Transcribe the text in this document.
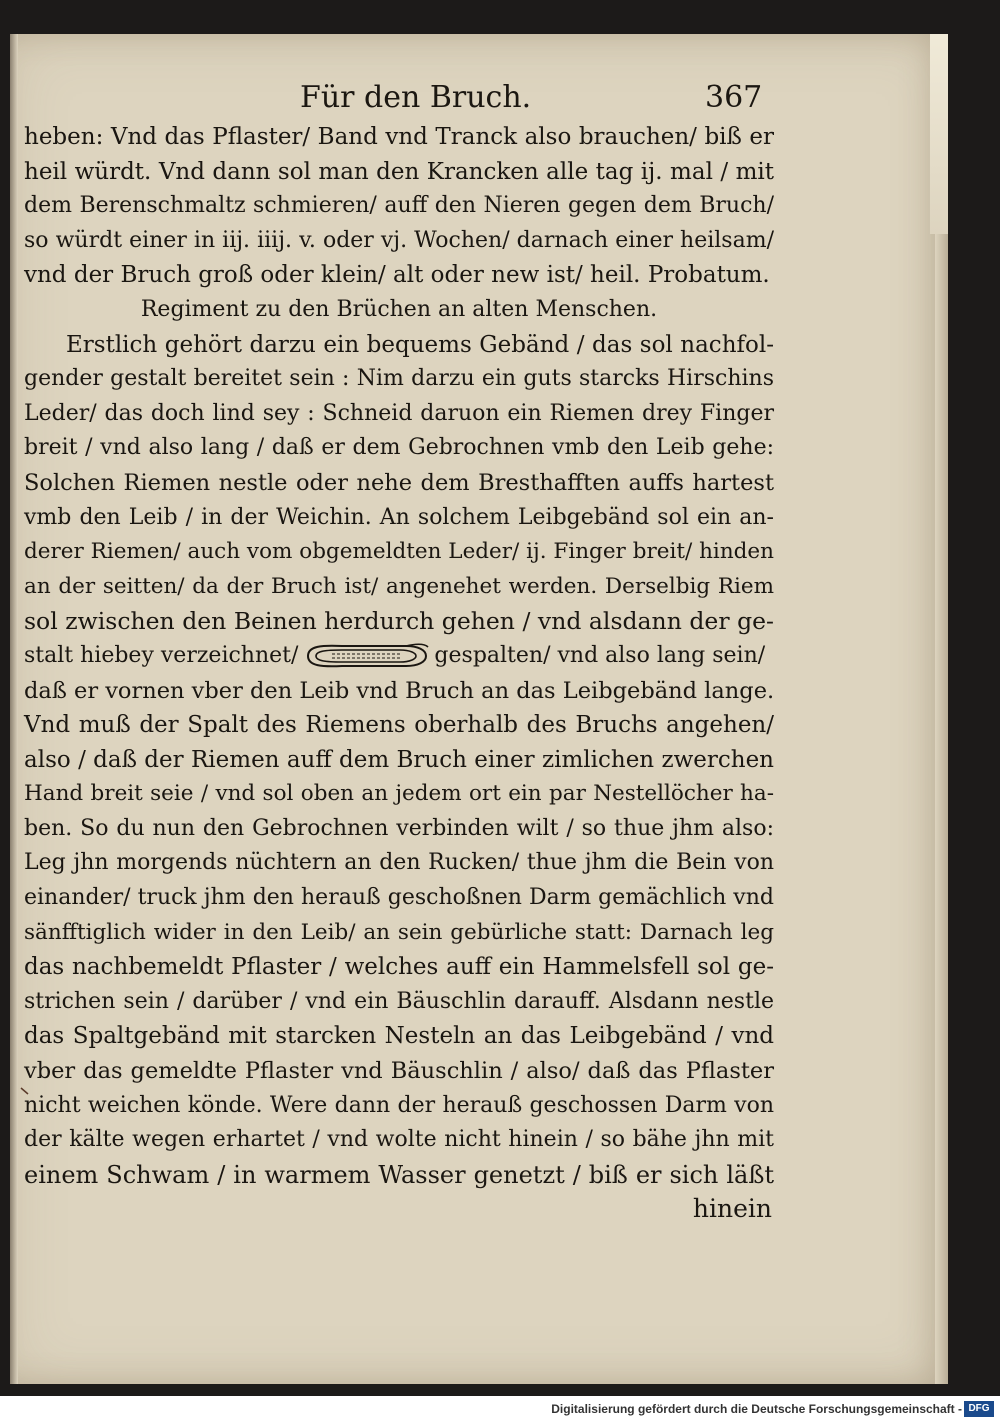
Für den Bruch.	367
heben: Vnd das Pflaster/ Band vnd Tranck also brauchen/ biß er
heil würdt. Vnd dann sol man den Krancken alle tag ij. mal / mit
dem Berenschmaltz schmieren/ auff den Nieren gegen dem Bruch/
so würdt einer in iij. iiij. v. oder vj. Wochen/ darnach einer heilsam/
vnd der Bruch groß oder klein/ alt oder new ist/ heil. Probatum.
Regiment zu den Brüchen an alten Menschen.
Erstlich gehört darzu ein bequems Gebänd / das sol nachfol-
gender gestalt bereitet sein : Nim darzu ein guts starcks Hirschins
Leder/ das doch lind sey : Schneid daruon ein Riemen drey Finger
breit / vnd also lang / daß er dem Gebrochnen vmb den Leib gehe:
Solchen Riemen nestle oder nehe dem Bresthafften auffs hartest
vmb den Leib / in der Weichin. An solchem Leibgebänd sol ein an-
derer Riemen/ auch vom obgemeldten Leder/ ij. Finger breit/ hinden
an der seitten/ da der Bruch ist/ angenehet werden. Derselbig Riem
sol zwischen den Beinen herdurch gehen / vnd alsdann der ge-
stalt hiebey verzeichnet/	gespalten/ vnd also lang sein/
daß er vornen vber den Leib vnd Bruch an das Leibgebänd lange.
Vnd muß der Spalt des Riemens oberhalb des Bruchs angehen/
also / daß der Riemen auff dem Bruch einer zimlichen zwerchen
Hand breit seie / vnd sol oben an jedem ort ein par Nestellöcher ha-
ben. So du nun den Gebrochnen verbinden wilt / so thue jhm also:
Leg jhn morgends nüchtern an den Rucken/ thue jhm die Bein von
einander/ truck jhm den herauß geschoßnen Darm gemächlich vnd
sänfftiglich wider in den Leib/ an sein gebürliche statt: Darnach leg
das nachbemeldt Pflaster / welches auff ein Hammelsfell sol ge-
strichen sein / darüber / vnd ein Bäuschlin darauff. Alsdann nestle
das Spaltgebänd mit starcken Nesteln an das Leibgebänd / vnd
vber das gemeldte Pflaster vnd Bäuschlin / also/ daß das Pflaster
nicht weichen könde. Were dann der herauß geschossen Darm von
der kälte wegen erhartet / vnd wolte nicht hinein / so bähe jhn mit
einem Schwam / in warmem Wasser genetzt / biß er sich läßt
hinein
Digitalisierung gefördert durch die Deutsche Forschungsgemeinschaft - DFG
